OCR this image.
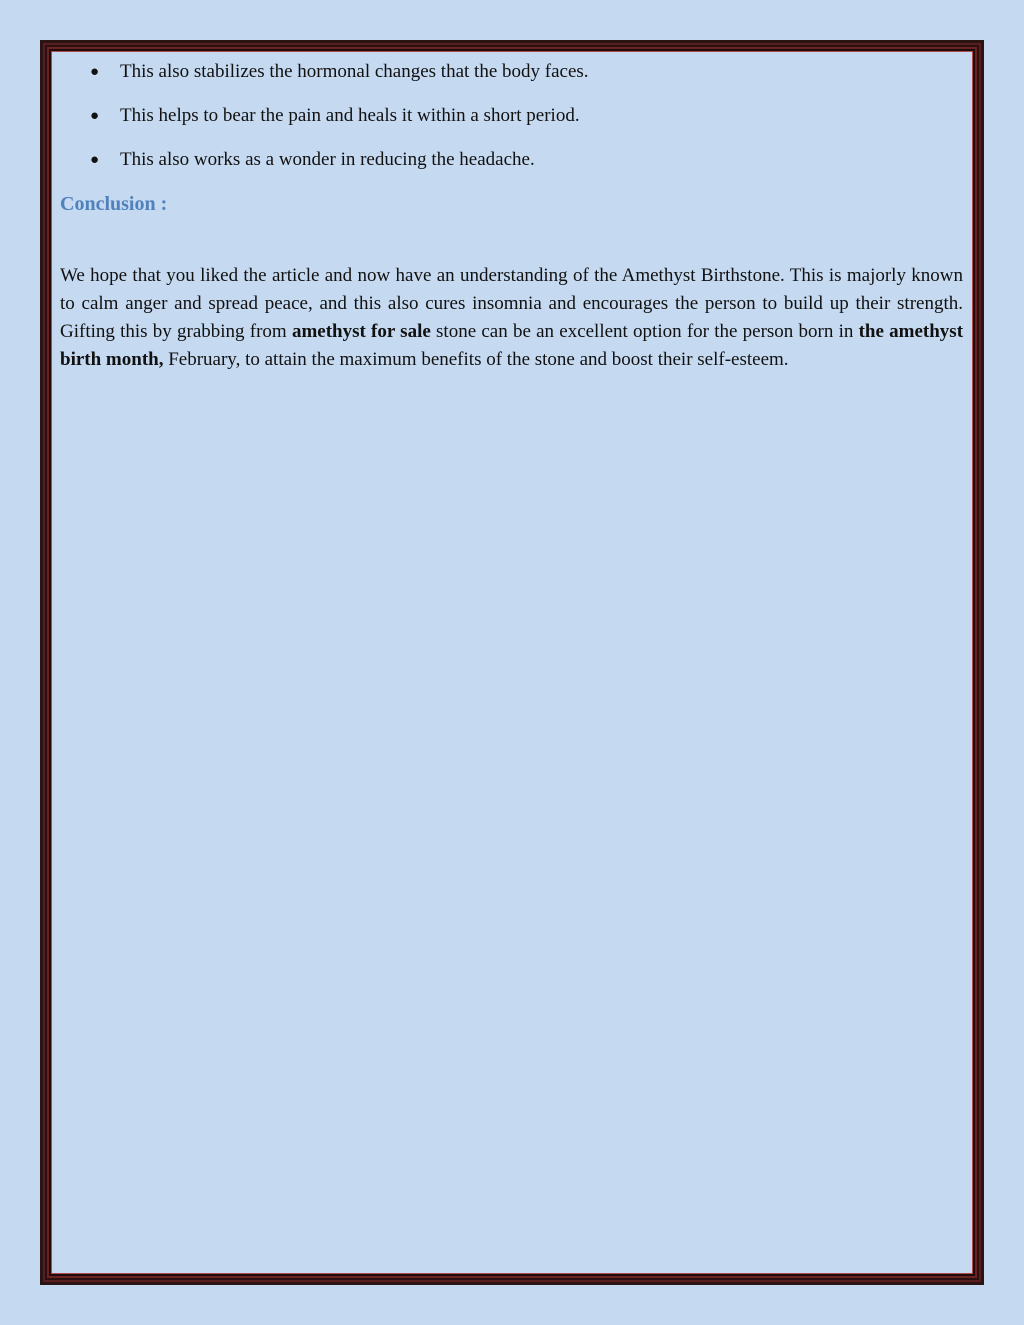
● This also stabilizes the hormonal changes that the body faces.
● This helps to bear the pain and heals it within a short period.
● This also works as a wonder in reducing the headache.
Conclusion :

We hope that you liked the article and now have an understanding of the Amethyst Birthstone. This is majorly known to calm anger and spread peace, and this also cures insomnia and encourages the person to build up their strength. Gifting this by grabbing from amethyst for sale stone can be an excellent option for the person born in the amethyst birth month, February, to attain the maximum benefits of the stone and boost their self-esteem.
